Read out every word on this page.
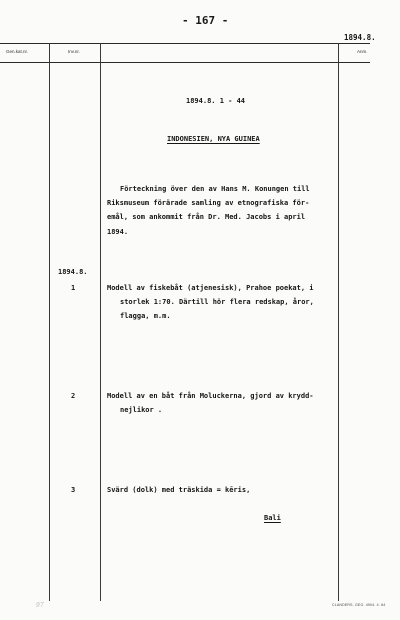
- 167 -
1894.8.
Gen.kat.nr.	Inv.nr.	Anm.
1894.8. 1 - 44
INDONESIEN, NYA GUINEA
Förteckning över den av Hans M. Konungen till
Riksmuseum förärade samling av etnografiska för-
emål, som ankommit från Dr. Med. Jacobs i april
1894.
1894.8.
1	Modell av fiskebåt (atjenesisk), Prahoe poekat, i
storlek 1:70. Därtill hör flera redskap, åror,
flagga, m.m.
2	Modell av en båt från Moluckerna, gjord av krydd-
nejlikor .
3	Svärd (dolk) med träskida = kēris,
Bali
97	CLANDERS. GEG. 4904. 4. 64
